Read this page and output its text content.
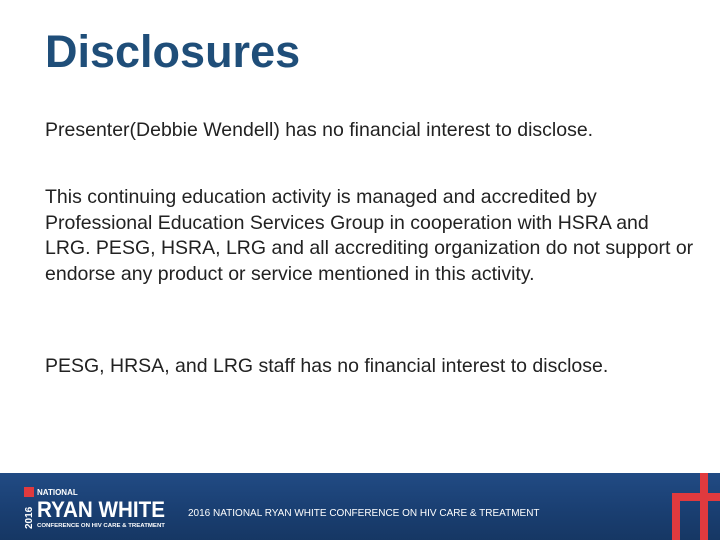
Disclosures

Presenter(Debbie Wendell) has no financial interest to disclose.

This continuing education activity is managed and accredited by Professional Education Services Group in cooperation with HSRA and LRG. PESG, HSRA, LRG and all accrediting organization do not support or endorse any product or service mentioned in this activity.

PESG, HRSA, and LRG staff has no financial interest to disclose.

2016
NATIONAL
RYAN WHITE
CONFERENCE ON HIV CARE & TREATMENT
2016 NATIONAL RYAN WHITE CONFERENCE ON HIV CARE & TREATMENT
